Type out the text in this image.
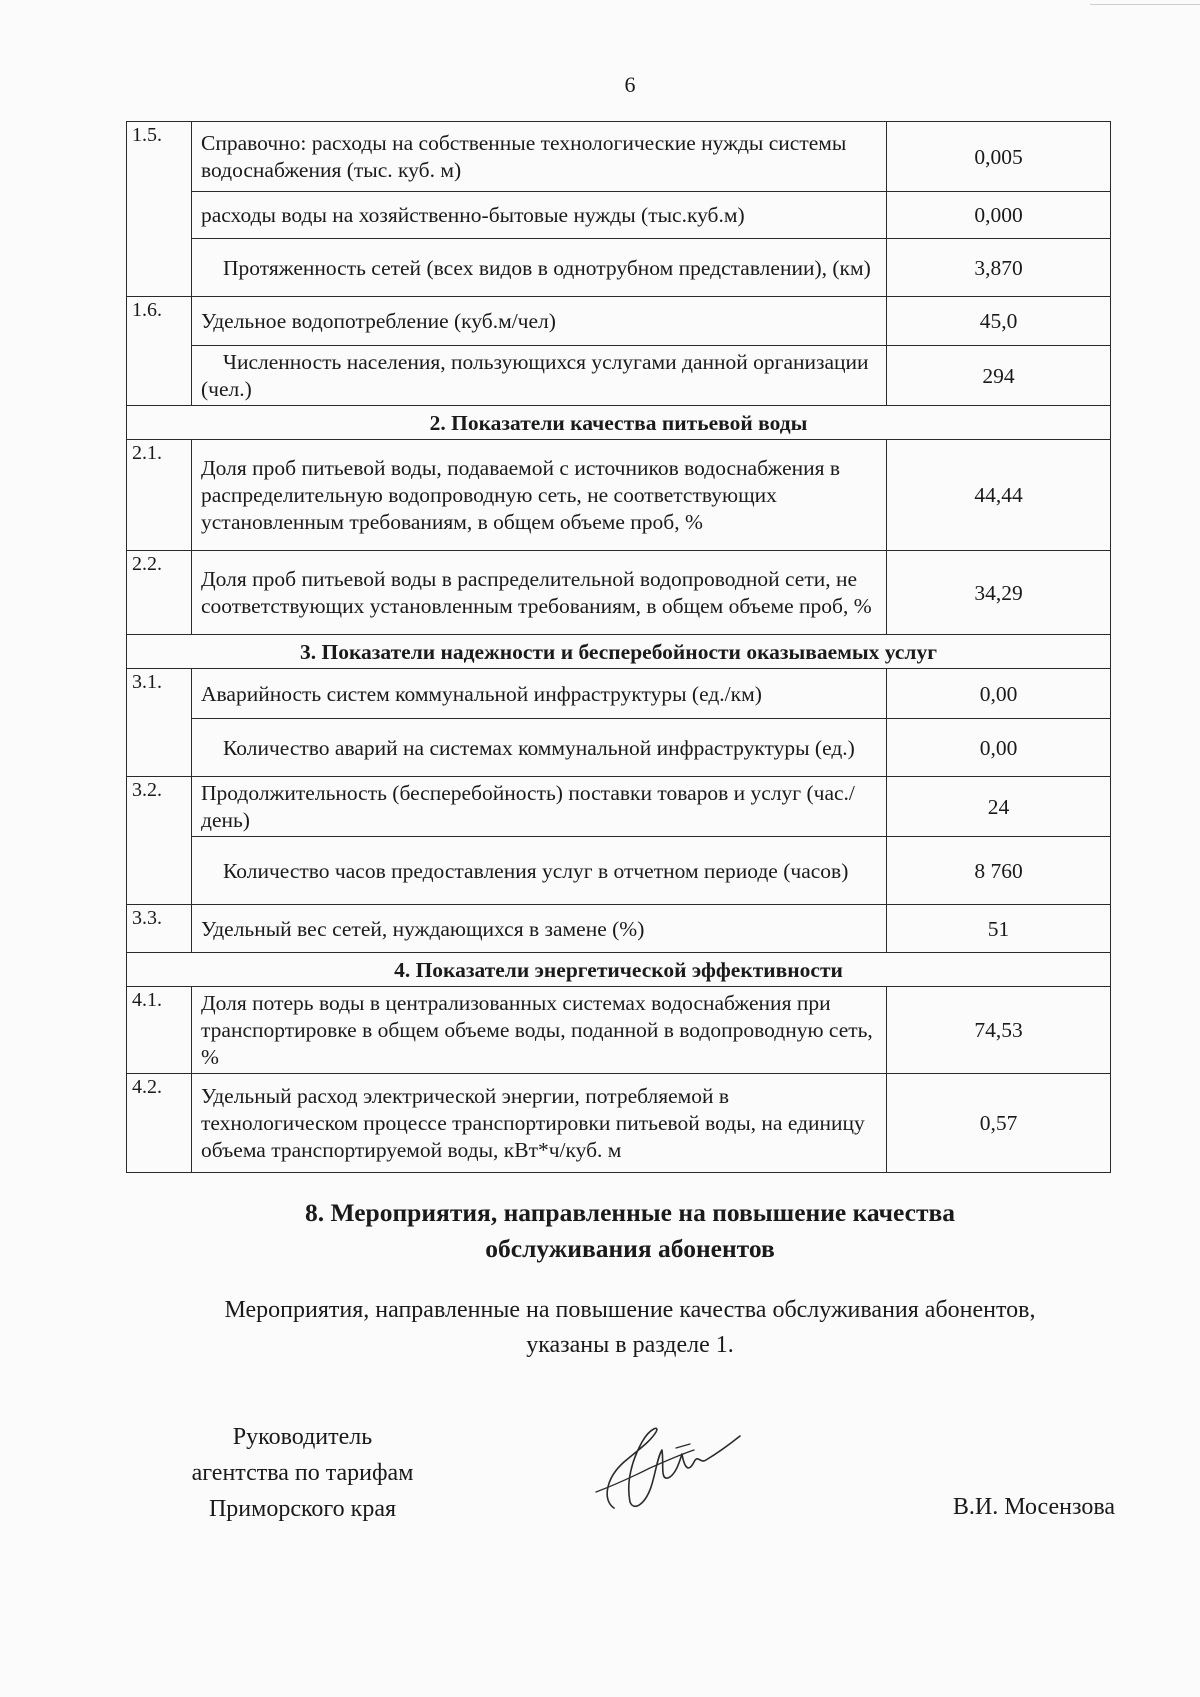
6
1.5.	Справочно: расходы на собственные технологические нужды системы водоснабжения (тыс. куб. м)	0,005
	расходы воды на хозяйственно-бытовые нужды (тыс.куб.м)	0,000
	Протяженность сетей (всех видов в однотрубном представлении), (км)	3,870
1.6.	Удельное водопотребление (куб.м/чел)	45,0
	Численность населения, пользующихся услугами данной организации (чел.)	294
2. Показатели качества питьевой воды		
2.1.	Доля проб питьевой воды, подаваемой с источников водоснабжения в распределительную водопроводную сеть, не соответствующих установленным требованиям, в общем объеме проб, %	44,44
2.2.	Доля проб питьевой воды в распределительной водопроводной сети, не соответствующих установленным требованиям, в общем объеме проб, %	34,29
3. Показатели надежности и бесперебойности оказываемых услуг		
3.1.	Аварийность систем коммунальной инфраструктуры (ед./км)	0,00
	Количество аварий на системах коммунальной инфраструктуры (ед.)	0,00
3.2.	Продолжительность (бесперебойность) поставки товаров и услуг (час./день)	24
	Количество часов предоставления услуг в отчетном периоде (часов)	8 760
3.3.	Удельный вес сетей, нуждающихся в замене (%)	51
4. Показатели энергетической эффективности		
4.1.	Доля потерь воды в централизованных системах водоснабжения при транспортировке в общем объеме воды, поданной в водопроводную сеть, %	74,53
4.2.	Удельный расход электрической энергии, потребляемой в технологическом процессе транспортировки питьевой воды, на единицу объема транспортируемой воды, кВт*ч/куб. м	0,57
8. Мероприятия, направленные на повышение качества
обслуживания абонентов

Мероприятия, направленные на повышение качества обслуживания абонентов,
указаны в разделе 1.

Руководитель
агентства по тарифам
Приморского края	В.И. Мосензова
